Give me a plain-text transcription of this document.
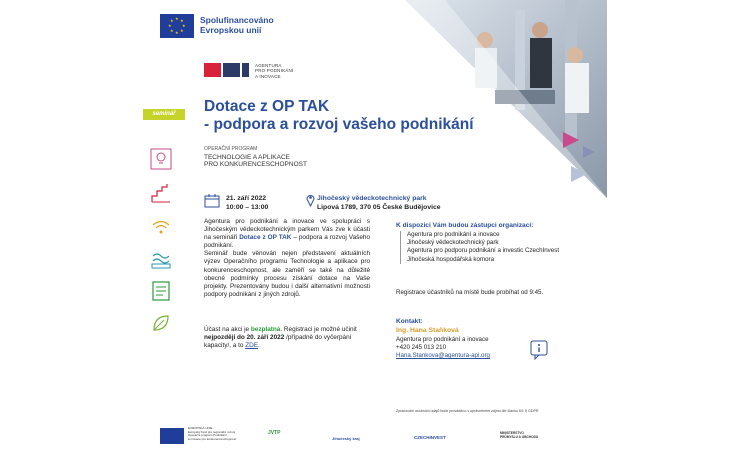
★ ★
★
★
★
★
★
★	Spolufinancováno
Evropskou unií
AGENTURA
PRO PODNIKÁNÍ
A INOVACE
seminář	Dotace z OP TAK
- podpora a rozvoj vašeho podnikání
OPERAČNÍ PROGRAM
TECHNOLOGIE A APLIKACE
PRO KONKURENCESCHOPNOST
21. září 2022
10:00 – 13:00
Jihočeský vědeckotechnický park
Lipová 1789, 370 05 České Budějovice

Agentura pro podnikání a inovace ve spolupráci s Jihočeským vědeckotechnickým parkem Vás zve k účasti na semináři Dotace z OP TAK – podpora a rozvoj Vašeho podnikání.

Seminář bude věnován nejen představení aktuálních výzev Operačního programu Technologie a aplikace pro konkurenceschopnost, ale zaměří se také na důležité obecné podmínky procesu získání dotace na Vaše projekty. Prezentovány budou i další alternativní možnosti podpory podnikání z jiných zdrojů.

Účast na akci je bezplatná. Registraci je možné učinit nejpozději do 20. září 2022 /případně do vyčerpání kapacity/, a to ZDE.
K dispozici Vám budou zástupci organizací:
Agentura pro podnikání a inovace
Jihočeský vědeckotechnický park
Agentura pro podporu podnikání a investic CzechInvest
Jihočeská hospodářská komora
Registrace účastníků na místě bude probíhat od 9:45.
Kontakt:
Ing. Hana Staňková
Agentura pro podnikání a inovace
+420 245 013 210
Hana.Stankova@agentura-api.org
Zpracování osobních údajů bude prováděno v oprávněném zájmu dle článku 6/1 f) GDPR
EVROPSKÁ UNIE
Evropský fond pro regionální rozvoj
Operační program Podnikání
a inovace pro konkurenceschopnost
JVTP
Jihočeský kraj	CZECHINVEST
MINISTERSTVO
PRŮMYSLU A OBCHODU
